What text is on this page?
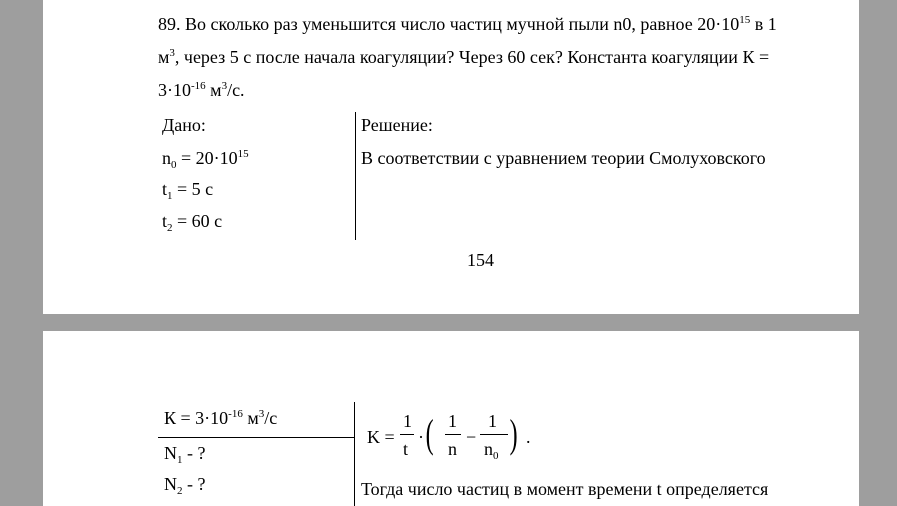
89. Во сколько раз уменьшится число частиц мучной пыли n0, равное $20\cdot 10^{15}$ в 1
$м^3$, через 5 с после начала коагуляции? Через 60 сек? Константа коагуляции К =
$3\cdot 10^{-16}$ $м^3/с$.
Дано:	Решение:
$n_0 = 20\cdot 10^{15}$	В соответствии с уравнением теории Смолуховского
$t_1 = 5$ с
$t_2 = 60$ с
154
$К = 3\cdot 10^{-16}$ $м^3/с$
$N_1$ - ?
$N_2$ - ?
K =
1
t
· ( 1
n
−
1
$n_0$ ) .
Тогда число частиц в момент времени t определяется
